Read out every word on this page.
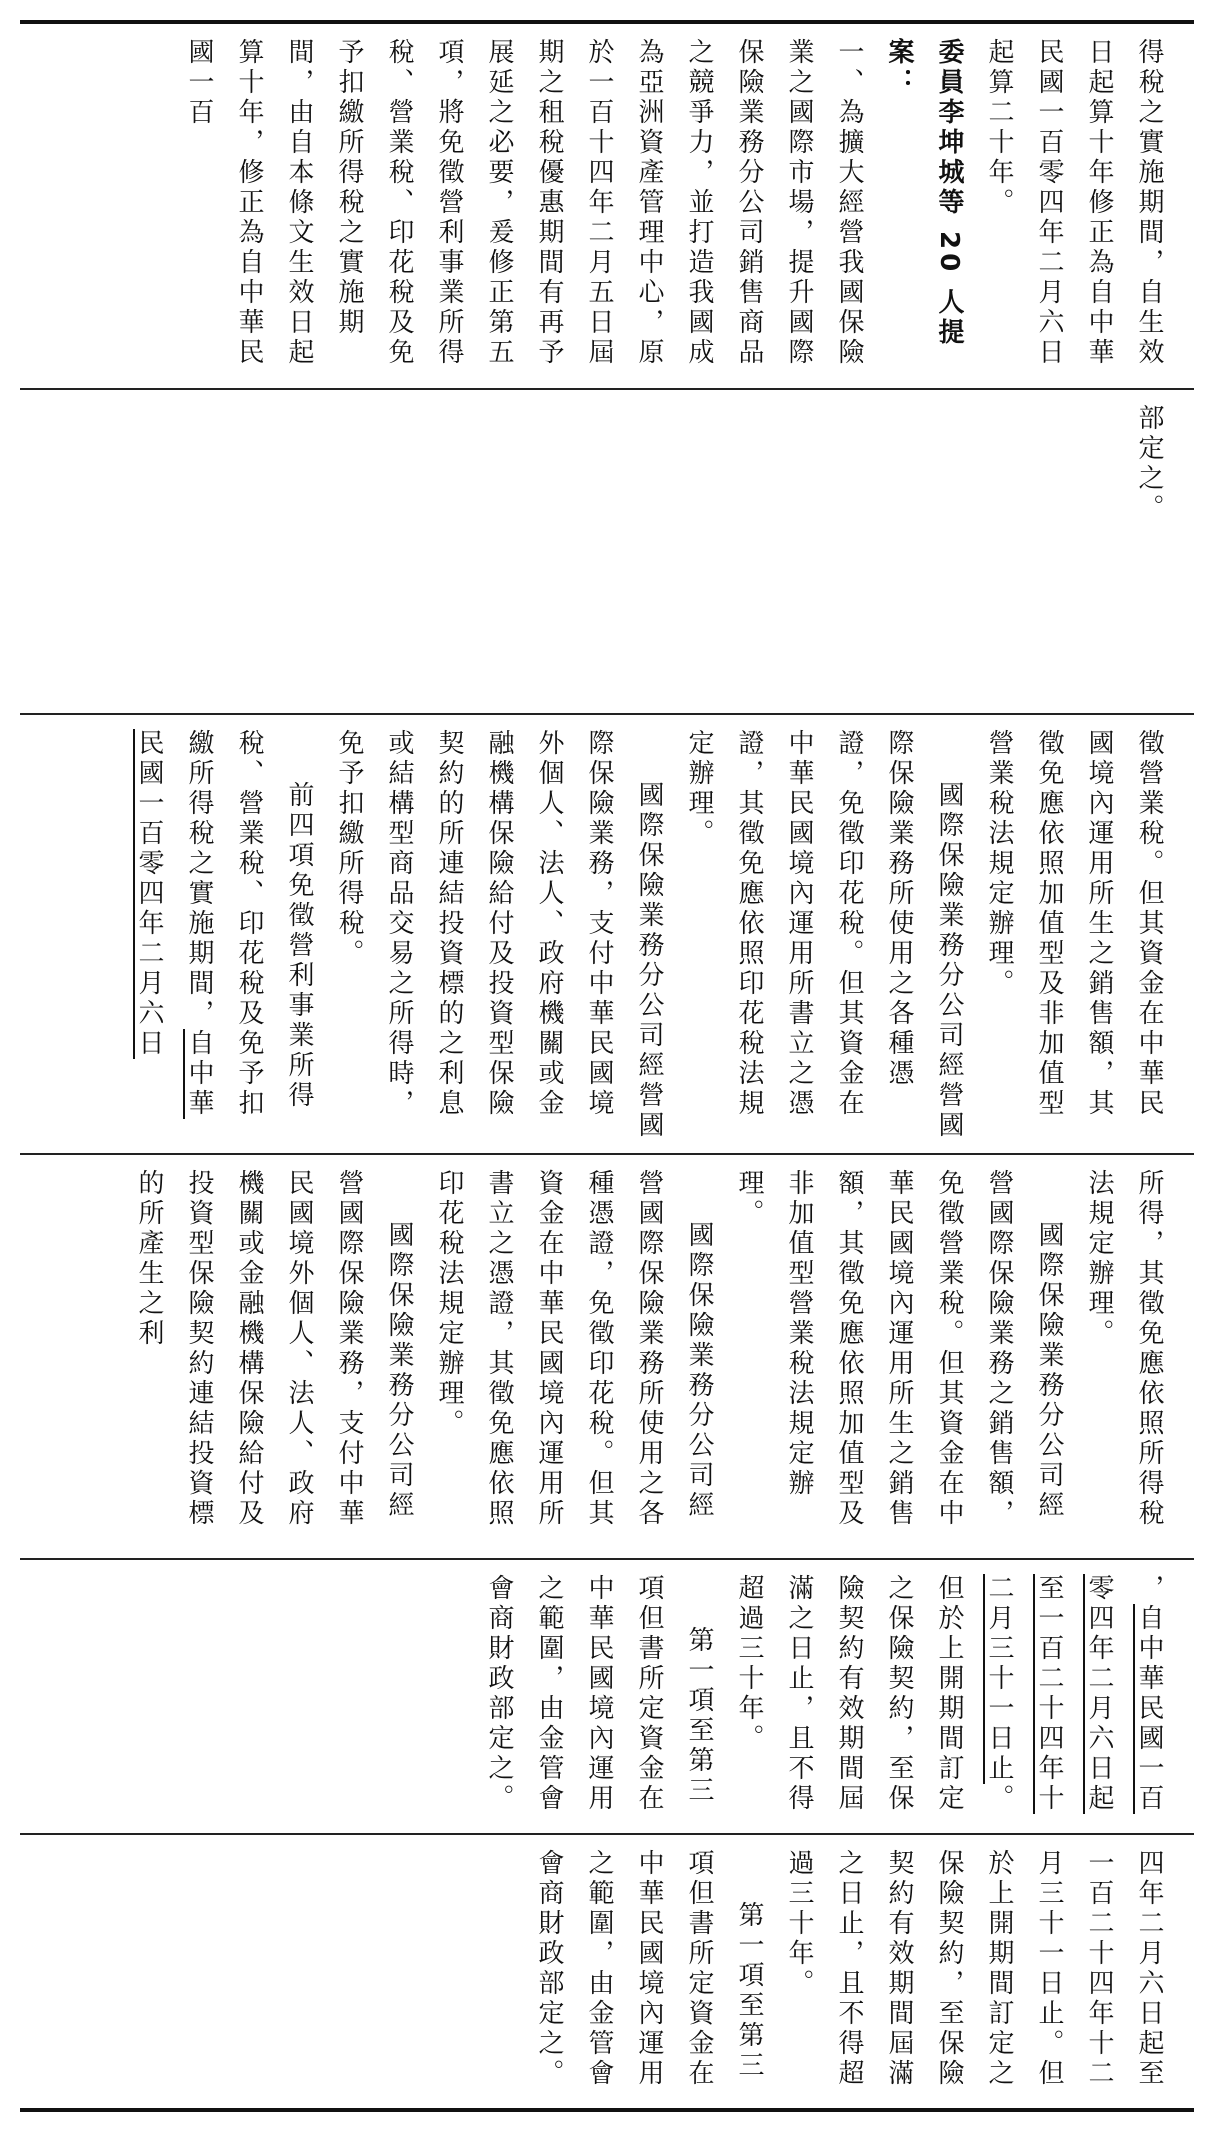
得稅之實施期間，自生效日起算十年修正為自中華民國一百零四年二月六日起算二十年。

委員李坤城等 20 人提案：

一、為擴大經營我國保險業之國際市場，提升國際保險業務分公司銷售商品之競爭力，並打造我國成為亞洲資產管理中心，原於一百十四年二月五日屆期之租稅優惠期間有再予展延之必要，爰修正第五項，將免徵營利事業所得稅、營業稅、印花稅及免予扣繳所得稅之實施期間，由自本條文生效日起算十年，修正為自中華民國一百

部定之。

徵營業稅。但其資金在中華民國境內運用所生之銷售額，其徵免應依照加值型及非加值型營業稅法規定辦理。

國際保險業務分公司經營國際保險業務所使用之各種憑證，免徵印花稅。但其資金在中華民國境內運用所書立之憑證，其徵免應依照印花稅法規定辦理。

國際保險業務分公司經營國際保險業務，支付中華民國境外個人、法人、政府機關或金融機構保險給付及投資型保險契約的所連結投資標的之利息或結構型商品交易之所得時，免予扣繳所得稅。

前四項免徵營利事業所得稅、營業稅、印花稅及免予扣繳所得稅之實施期間，自中華民國一百零四年二月六日

所得，其徵免應依照所得稅法規定辦理。

國際保險業務分公司經營國際保險業務之銷售額，免徵營業稅。但其資金在中華民國境內運用所生之銷售額，其徵免應依照加值型及非加值型營業稅法規定辦理。

國際保險業務分公司經營國際保險業務所使用之各種憑證，免徵印花稅。但其資金在中華民國境內運用所書立之憑證，其徵免應依照印花稅法規定辦理。

國際保險業務分公司經營國際保險業務，支付中華民國境外個人、法人、政府機關或金融機構保險給付及投資型保險契約連結投資標的所產生之利

，自中華民國一百零四年二月六日起至一百二十四年十二月三十一日止。但於上開期間訂定之保險契約，至保險契約有效期間屆滿之日止，且不得超過三十年。

第一項至第三項但書所定資金在中華民國境內運用之範圍，由金管會會商財政部定之。

四年二月六日起至一百二十四年十二月三十一日止。但於上開期間訂定之保險契約，至保險契約有效期間屆滿之日止，且不得超過三十年。

第一項至第三項但書所定資金在中華民國境內運用之範圍，由金管會會商財政部定之。
